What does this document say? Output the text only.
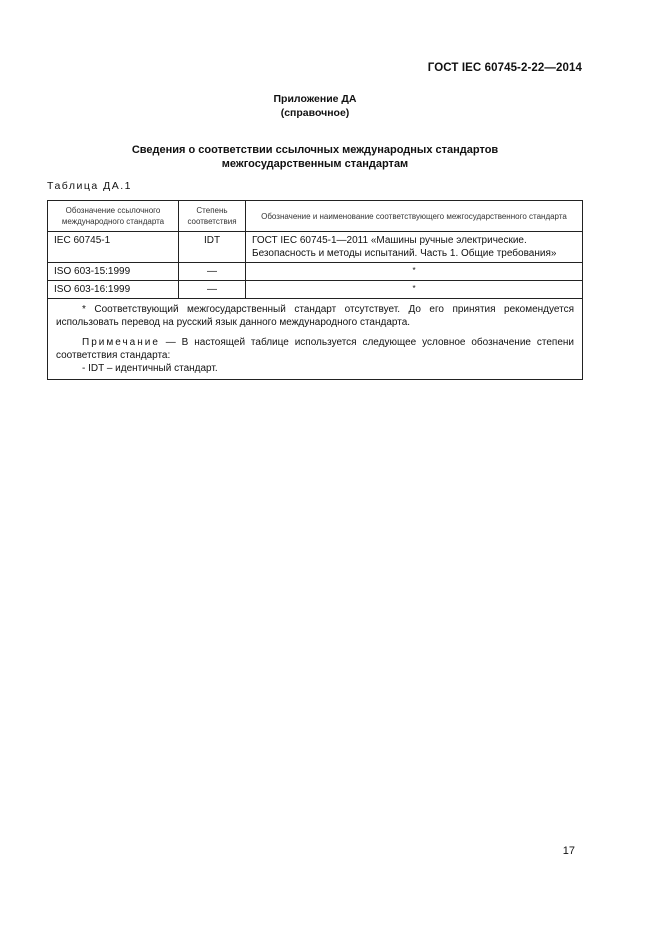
ГОСТ IEC 60745-2-22—2014
Приложение ДА
(справочное)
Сведения о соответствии ссылочных международных стандартов
межгосударственным стандартам
Таблица ДА.1
Обозначение ссылочного международного стандарта	Степень соответствия	Обозначение и наименование соответствующего межгосударственного стандарта
IEC 60745-1	IDT	ГОСТ IEC 60745-1—2011 «Машины ручные электрические. Безопасность и методы испытаний. Часть 1. Общие требования»
ISO 603-15:1999	—	*
ISO 603-16:1999	—	*

* Соответствующий межгосударственный стандарт отсутствует. До его принятия рекомендуется использовать перевод на русский язык данного международного стандарта.

Примечание — В настоящей таблице используется следующее условное обозначение степени соответствия стандарта:

- IDT – идентичный стандарт.		

17
